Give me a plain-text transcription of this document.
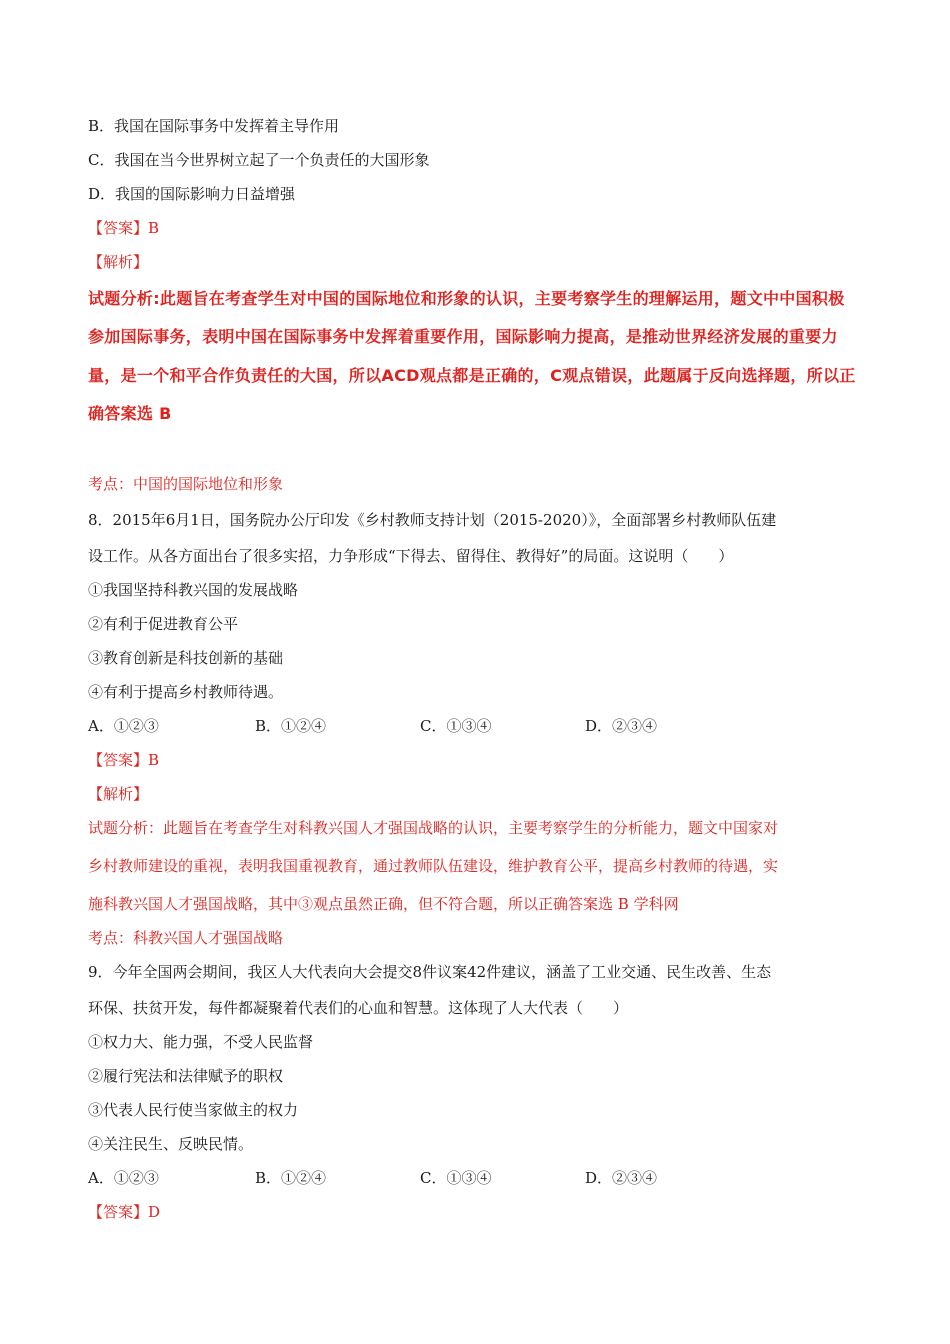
B．我国在国际事务中发挥着主导作用
C．我国在当今世界树立起了一个负责任的大国形象
D．我国的国际影响力日益增强
【答案】B
【解析】
试题分析:此题旨在考查学生对中国的国际地位和形象的认识，主要考察学生的理解运用，题文中中国积极
参加国际事务，表明中国在国际事务中发挥着重要作用，国际影响力提高，是推动世界经济发展的重要力
量，是一个和平合作负责任的大国，所以ACD观点都是正确的，C观点错误，此题属于反向选择题，所以正
确答案选 B
考点：中国的国际地位和形象
8．2015年6月1日，国务院办公厅印发《乡村教师支持计划（2015-2020）》，全面部署乡村教师队伍建
设工作。从各方面出台了很多实招，力争形成“下得去、留得住、教得好”的局面。这说明（　　）
①我国坚持科教兴国的发展战略
②有利于促进教育公平
③教育创新是科技创新的基础
④有利于提高乡村教师待遇。
A．①②③	B．①②④	C．①③④	D．②③④
【答案】B
【解析】
试题分析：此题旨在考查学生对科教兴国人才强国战略的认识，主要考察学生的分析能力，题文中国家对
乡村教师建设的重视，表明我国重视教育，通过教师队伍建设，维护教育公平，提高乡村教师的待遇，实
施科教兴国人才强国战略，其中③观点虽然正确，但不符合题，所以正确答案选 B 学科网
考点：科教兴国人才强国战略
9．今年全国两会期间，我区人大代表向大会提交8件议案42件建议，涵盖了工业交通、民生改善、生态
环保、扶贫开发，每件都凝聚着代表们的心血和智慧。这体现了人大代表（　　）
①权力大、能力强，不受人民监督
②履行宪法和法律赋予的职权
③代表人民行使当家做主的权力
④关注民生、反映民情。
A．①②③	B．①②④	C．①③④	D．②③④
【答案】D
